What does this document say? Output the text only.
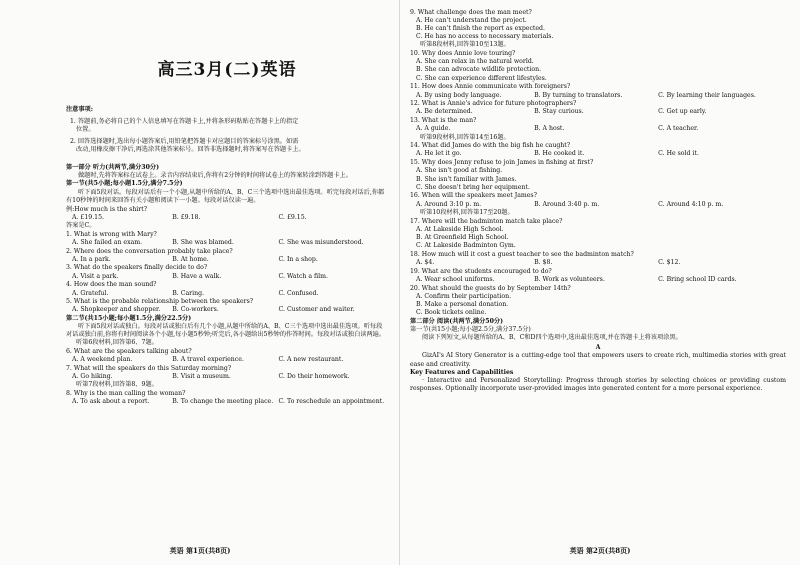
高三3月(二)英语
注意事项:
1. 答题前,务必将自己的个人信息填写在答题卡上,并将条形码粘贴在答题卡上的指定
位置。
2. 回答选择题时,选出每小题答案后,用铅笔把答题卡对应题目的答案标号涂黑。如需
改动,用橡皮擦干净后,再选涂其他答案标号。回答非选择题时,将答案写在答题卡上。
第一部分 听力(共两节,满分30分)
做题时,先将答案标在试卷上。录音内容结束后,你将有2分钟的时间将试卷上的答案转涂到答题卡上。
第一节(共5小题;每小题1.5分,满分7.5分)
听下面5段对话。每段对话后有一个小题,从题中所给的A、B、C三个选项中选出最佳选项。听完每段对话后,你都有10秒钟的时间来回答有关小题和阅读下一小题。每段对话仅读一遍。
例:How much is the shirt?
A. £19.15.	B. £9.18.	C. £9.15.
答案是C。
1. What is wrong with Mary?
A. She failed an exam.	B. She was blamed.	C. She was misunderstood.
2. Where does the conversation probably take place?
A. In a park.	B. At home.	C. In a shop.
3. What do the speakers finally decide to do?
A. Visit a park.	B. Have a walk.	C. Watch a film.
4. How does the man sound?
A. Grateful.	B. Caring.	C. Confused.
5. What is the probable relationship between the speakers?
A. Shopkeeper and shopper.	B. Co-workers.	C. Customer and waiter.
第二节(共15小题;每小题1.5分,满分22.5分)
听下面5段对话或独白。每段对话或独白后有几个小题,从题中所给的A、B、C三个选项中选出最佳选项。听每段对话或独白前,你将有时间阅读各个小题,每小题5秒钟;听完后,各小题给出5秒钟的作答时间。每段对话或独白读两遍。
听第6段材料,回答第6、7题。
6. What are the speakers talking about?
A. A weekend plan.	B. A travel experience.	C. A new restaurant.
7. What will the speakers do this Saturday morning?
A. Go hiking.	B. Visit a museum.	C. Do their homework.
听第7段材料,回答第8、9题。
8. Why is the man calling the woman?
A. To ask about a report.	B. To change the meeting place. C. To reschedule an appointment.
英语 第1页(共8页)
9. What challenge does the man meet?
A. He can't understand the project.
B. He can't finish the report as expected.
C. He has no access to necessary materials.
听第8段材料,回答第10至13题。
10. Why does Annie love touring?
A. She can relax in the natural world.
B. She can advocate wildlife protection.
C. She can experience different lifestyles.
11. How does Annie communicate with foreigners?
A. By using body language.	B. By turning to translators.	C. By learning their languages.
12. What is Annie's advice for future photographers?
A. Be determined.	B. Stay curious.	C. Get up early.
13. What is the man?
A. A guide.	B. A host.	C. A teacher.
听第9段材料,回答第14至16题。
14. What did James do with the big fish he caught?
A. He let it go.	B. He cooked it.	C. He sold it.
15. Why does Jenny refuse to join James in fishing at first?
A. She isn't good at fishing.
B. She isn't familiar with James.
C. She doesn't bring her equipment.
16. When will the speakers meet James?
A. Around 3:10 p. m.	B. Around 3:40 p. m.	C. Around 4:10 p. m.
听第10段材料,回答第17至20题。
17. Where will the badminton match take place?
A. At Lakeside High School.
B. At Greenfield High School.
C. At Lakeside Badminton Gym.
18. How much will it cost a guest teacher to see the badminton match?
A. $4.	B. $8.	C. $12.
19. What are the students encouraged to do?
A. Wear school uniforms.	B. Work as volunteers.	C. Bring school ID cards.
20. What should the guests do by September 14th?
A. Confirm their participation.
B. Make a personal donation.
C. Book tickets online.
第二部分 阅读(共两节,满分50分)
第一节(共15小题;每小题2.5分,满分37.5分)
阅读下列短文,从每题所给的A、B、C和D四个选项中,选出最佳选项,并在答题卡上将该项涂黑。
A
GizAI's AI Story Generator is a cutting-edge tool that empowers users to create rich, multimedia stories with great ease and creativity.
Key Features and Capabilities
· Interactive and Personalized Storytelling: Progress through stories by selecting choices or providing custom responses. Optionally incorporate user-provided images into generated content for a more personal experience.
英语 第2页(共8页)
